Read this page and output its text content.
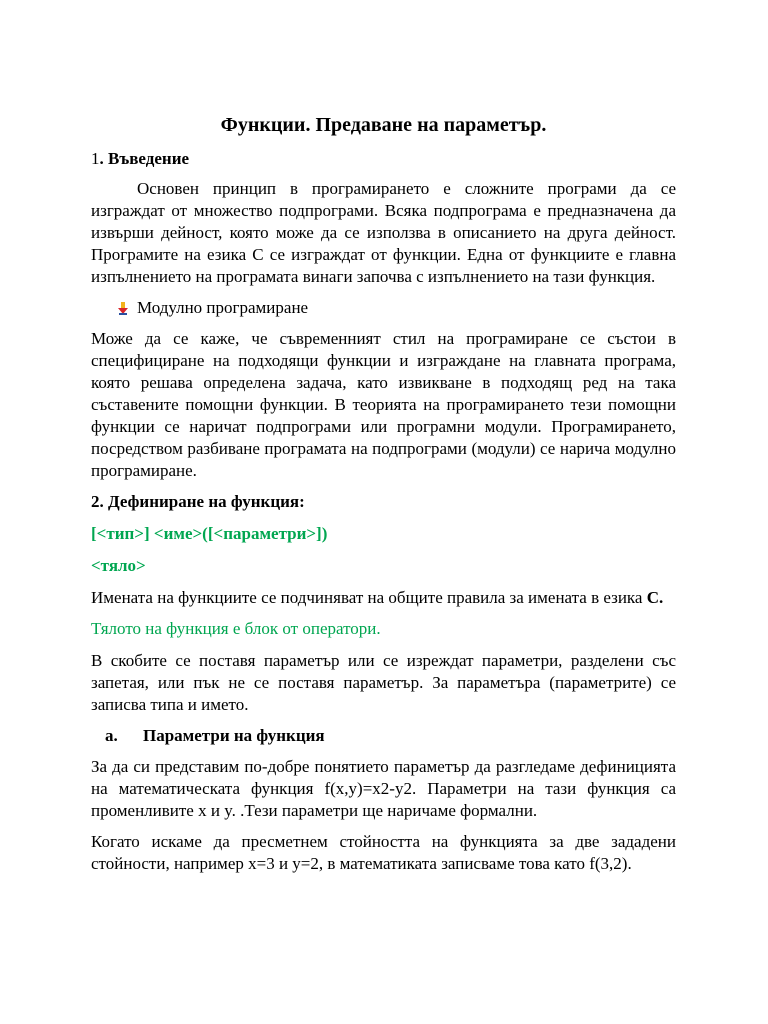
Функции. Предаване на параметър.
1. Въведение

Основен принцип в програмирането е сложните програми да се изграждат от множество подпрограми. Всяка подпрограма е предназначена да извърши дейност, която може да се използва в описанието на друга дейност. Програмите на езика C се изграждат от функции. Една от функциите е главна изпълнението на програмата винаги започва с изпълнението на тази функция.

Модулно програмиране

Може да се каже, че съвременният стил на програмиране се състои в специфициране на подходящи функции и изграждане на главната програма, която решава определена задача, като извикване в подходящ ред на така съставените помощни функции. В теорията на програмирането тези помощни функции се наричат подпрограми или програмни модули. Програмирането, посредством разбиване програмата на подпрограми (модули) се нарича модулно програмиране.

2. Дефиниране на функция:
[<тип>] <име>([<параметри>])
<тяло>

Имената на функциите се подчиняват на общите правила за имената в езика C.

Тялото на функция е блок от оператори.

В скобите се поставя параметър или се изреждат параметри, разделени със запетая, или пък не се поставя параметър. За параметъра (параметрите) се записва типа и името.

a. Параметри на функция

За да си представим по-добре понятието параметър да разгледаме дефиницията на математическата функция f(x,y)=x2-y2. Параметри на тази функция са променливите x и y. .Тези параметри ще наричаме формални.

Когато искаме да пресметнем стойността на функцията за две зададени стойности, например x=3 и y=2, в математиката записваме това като f(3,2).
